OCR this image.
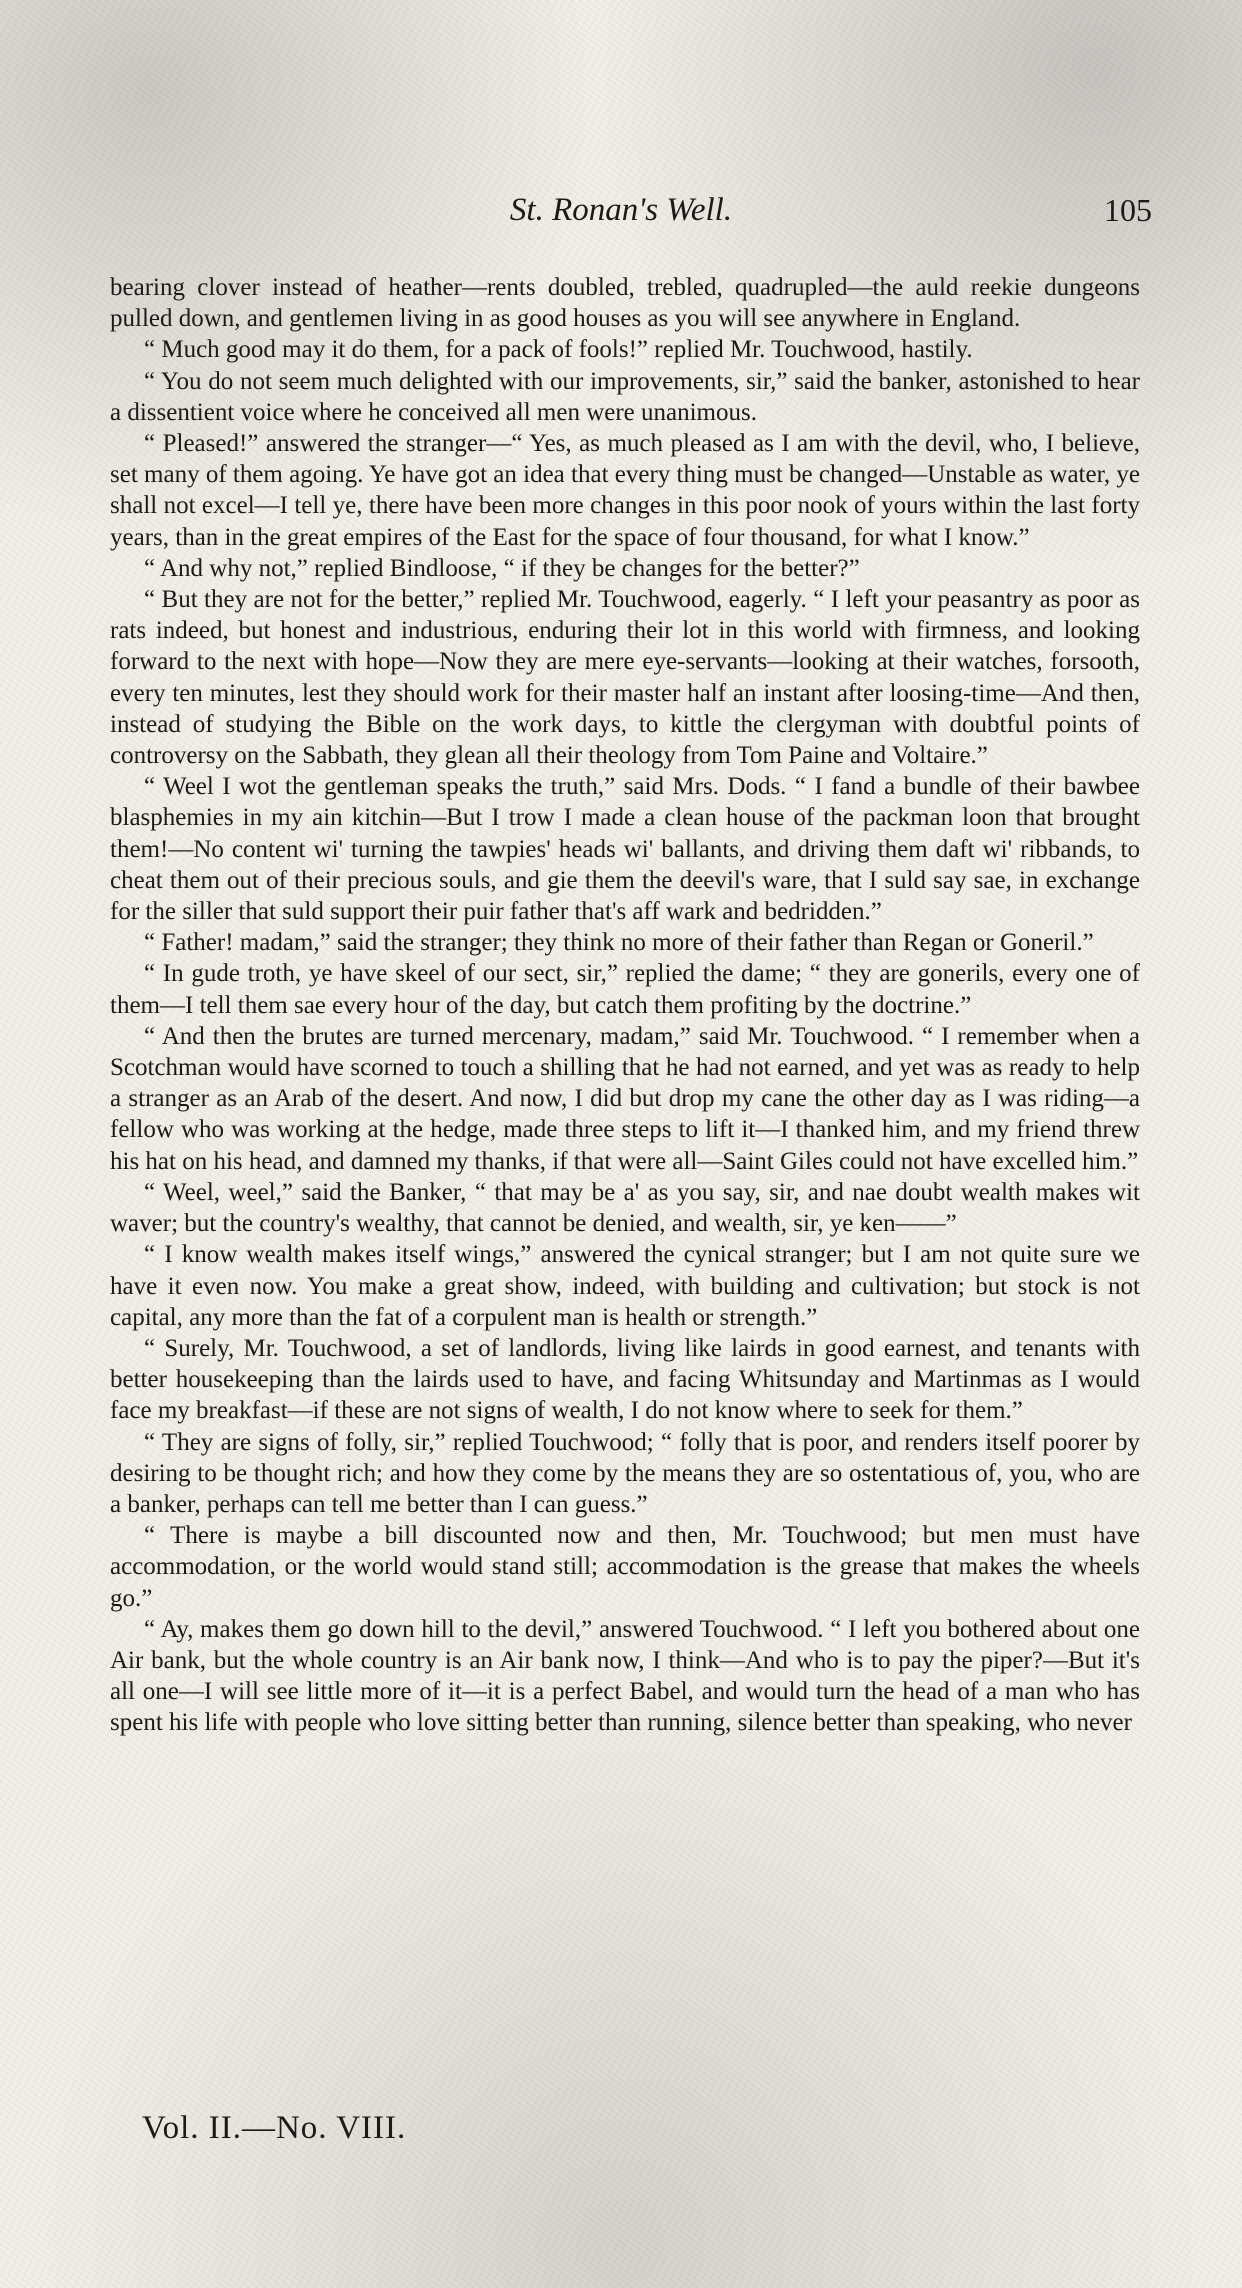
St. Ronan's Well.	105

bearing clover instead of heather—rents doubled, trebled, quadrupled—the auld reekie dungeons pulled down, and gentlemen living in as good houses as you will see anywhere in England.

“ Much good may it do them, for a pack of fools!” replied Mr. Touchwood, hastily.

“ You do not seem much delighted with our improvements, sir,” said the banker, astonished to hear a dissentient voice where he conceived all men were unanimous.

“ Pleased!” answered the stranger—“ Yes, as much pleased as I am with the devil, who, I believe, set many of them agoing. Ye have got an idea that every thing must be changed—Unstable as water, ye shall not excel—I tell ye, there have been more changes in this poor nook of yours within the last forty years, than in the great empires of the East for the space of four thousand, for what I know.”

“ And why not,” replied Bindloose, “ if they be changes for the better?”

“ But they are not for the better,” replied Mr. Touchwood, eagerly. “ I left your peasantry as poor as rats indeed, but honest and industrious, enduring their lot in this world with firmness, and looking forward to the next with hope—Now they are mere eye-servants—looking at their watches, forsooth, every ten minutes, lest they should work for their master half an instant after loosing-time—And then, instead of studying the Bible on the work days, to kittle the clergyman with doubtful points of controversy on the Sabbath, they glean all their theology from Tom Paine and Voltaire.”

“ Weel I wot the gentleman speaks the truth,” said Mrs. Dods. “ I fand a bundle of their bawbee blasphemies in my ain kitchin—But I trow I made a clean house of the packman loon that brought them!—No content wi' turning the tawpies' heads wi' ballants, and driving them daft wi' ribbands, to cheat them out of their precious souls, and gie them the deevil's ware, that I suld say sae, in exchange for the siller that suld support their puir father that's aff wark and bedridden.”

“ Father! madam,” said the stranger; they think no more of their father than Regan or Goneril.”

“ In gude troth, ye have skeel of our sect, sir,” replied the dame; “ they are gonerils, every one of them—I tell them sae every hour of the day, but catch them profiting by the doctrine.”

“ And then the brutes are turned mercenary, madam,” said Mr. Touchwood. “ I remember when a Scotchman would have scorned to touch a shilling that he had not earned, and yet was as ready to help a stranger as an Arab of the desert. And now, I did but drop my cane the other day as I was riding—a fellow who was working at the hedge, made three steps to lift it—I thanked him, and my friend threw his hat on his head, and damned my thanks, if that were all—Saint Giles could not have excelled him.”

“ Weel, weel,” said the Banker, “ that may be a' as you say, sir, and nae doubt wealth makes wit waver; but the country's wealthy, that cannot be denied, and wealth, sir, ye ken——”

“ I know wealth makes itself wings,” answered the cynical stranger; but I am not quite sure we have it even now. You make a great show, indeed, with building and cultivation; but stock is not capital, any more than the fat of a corpulent man is health or strength.”

“ Surely, Mr. Touchwood, a set of landlords, living like lairds in good earnest, and tenants with better housekeeping than the lairds used to have, and facing Whitsunday and Martinmas as I would face my breakfast—if these are not signs of wealth, I do not know where to seek for them.”

“ They are signs of folly, sir,” replied Touchwood; “ folly that is poor, and renders itself poorer by desiring to be thought rich; and how they come by the means they are so ostentatious of, you, who are a banker, perhaps can tell me better than I can guess.”

“ There is maybe a bill discounted now and then, Mr. Touchwood; but men must have accommodation, or the world would stand still; accommodation is the grease that makes the wheels go.”

“ Ay, makes them go down hill to the devil,” answered Touchwood. “ I left you bothered about one Air bank, but the whole country is an Air bank now, I think—And who is to pay the piper?—But it's all one—I will see little more of it—it is a perfect Babel, and would turn the head of a man who has spent his life with people who love sitting better than running, silence better than speaking, who never

Vol. II.—No. VIII.
